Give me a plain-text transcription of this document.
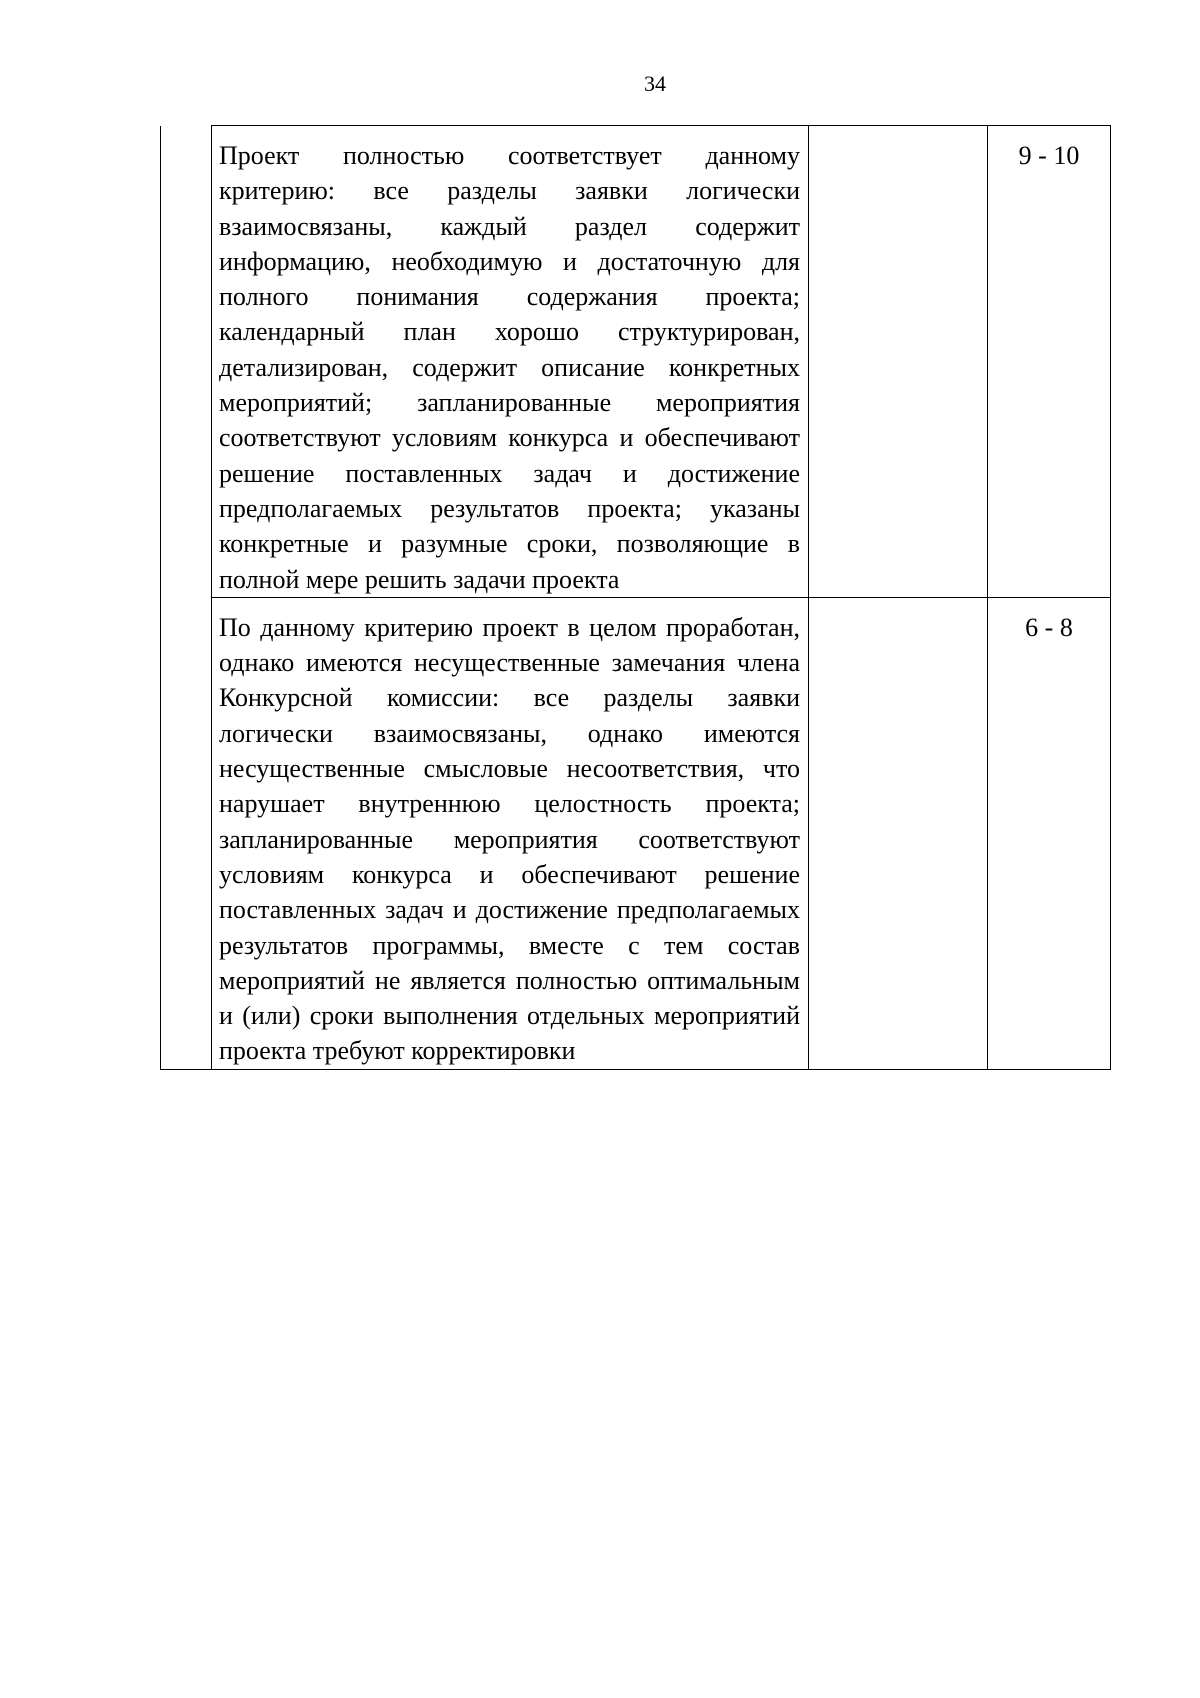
34

	Проект полностью соответствует данному критерию: все разделы заявки логически взаимосвязаны, каждый раздел содержит информацию, необходимую и достаточную для полного понимания содержания проекта; календарный план хорошо структурирован, детализирован, содержит описание конкретных мероприятий; запланированные мероприятия соответствуют условиям конкурса и обеспечивают решение поставленных задач и достижение предполагаемых результатов проекта; указаны конкретные и разумные сроки, позволяющие в полной мере решить задачи проекта		9 - 10

	По данному критерию проект в целом проработан, однако имеются несущественные замечания члена Конкурсной комиссии: все разделы заявки логически взаимосвязаны, однако имеются несущественные смысловые несоответствия, что нарушает внутреннюю целостность проекта; запланированные мероприятия соответствуют условиям конкурса и обеспечивают решение поставленных задач и достижение предполагаемых результатов программы, вместе с тем состав мероприятий не является полностью оптимальным и (или) сроки выполнения отдельных мероприятий проекта требуют корректировки		6 - 8
